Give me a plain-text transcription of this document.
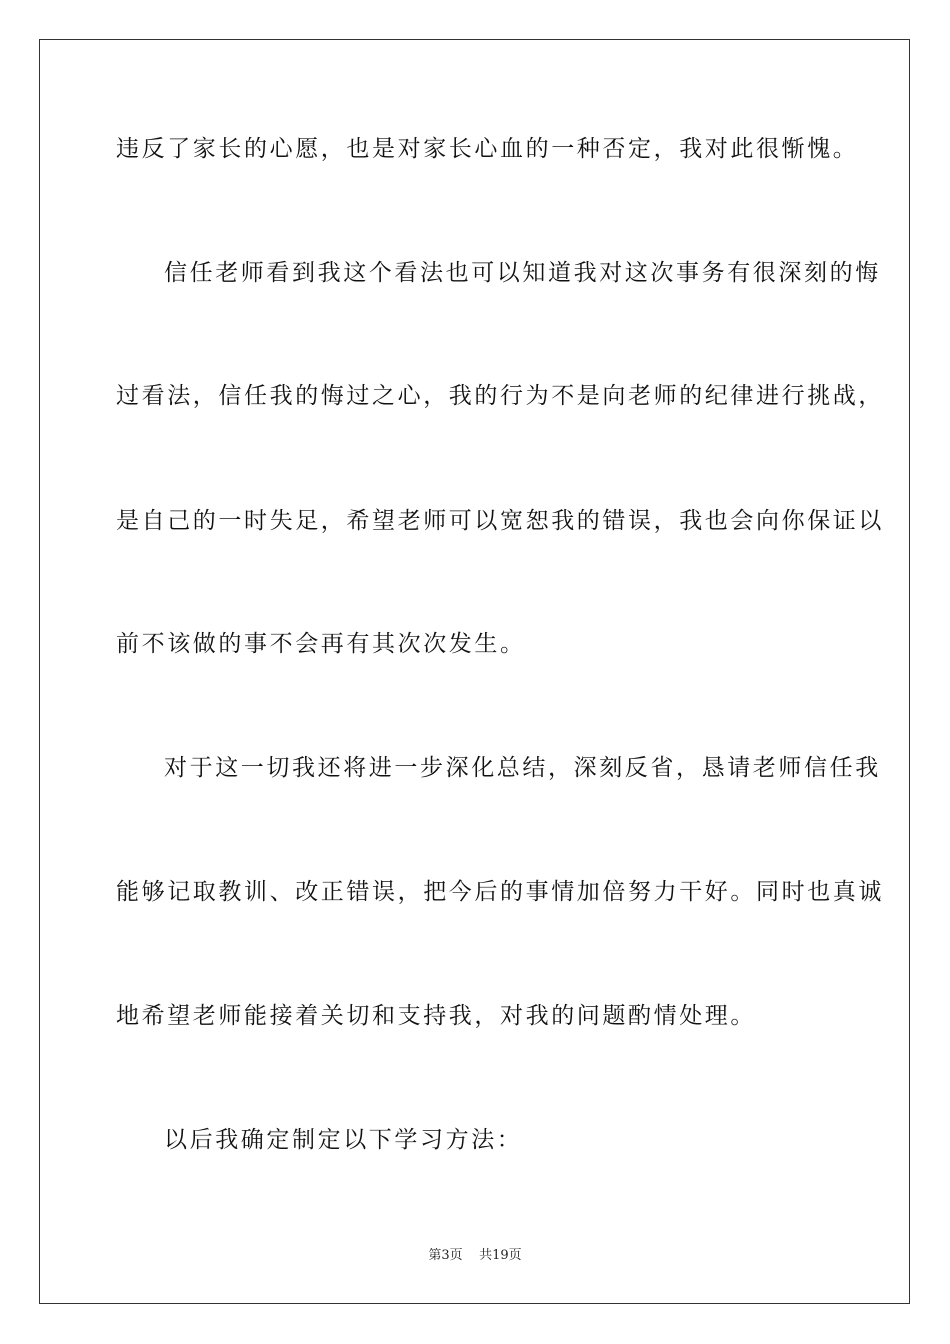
违反了家长的心愿，也是对家长心血的一种否定，我对此很惭愧。
信任老师看到我这个看法也可以知道我对这次事务有很深刻的悔
过看法，信任我的悔过之心，我的行为不是向老师的纪律进行挑战，
是自己的一时失足，希望老师可以宽恕我的错误，我也会向你保证以
前不该做的事不会再有其次次发生。
对于这一切我还将进一步深化总结，深刻反省，恳请老师信任我
能够记取教训、改正错误，把今后的事情加倍努力干好。同时也真诚
地希望老师能接着关切和支持我，对我的问题酌情处理。
以后我确定制定以下学习方法：
第3页    共19页
